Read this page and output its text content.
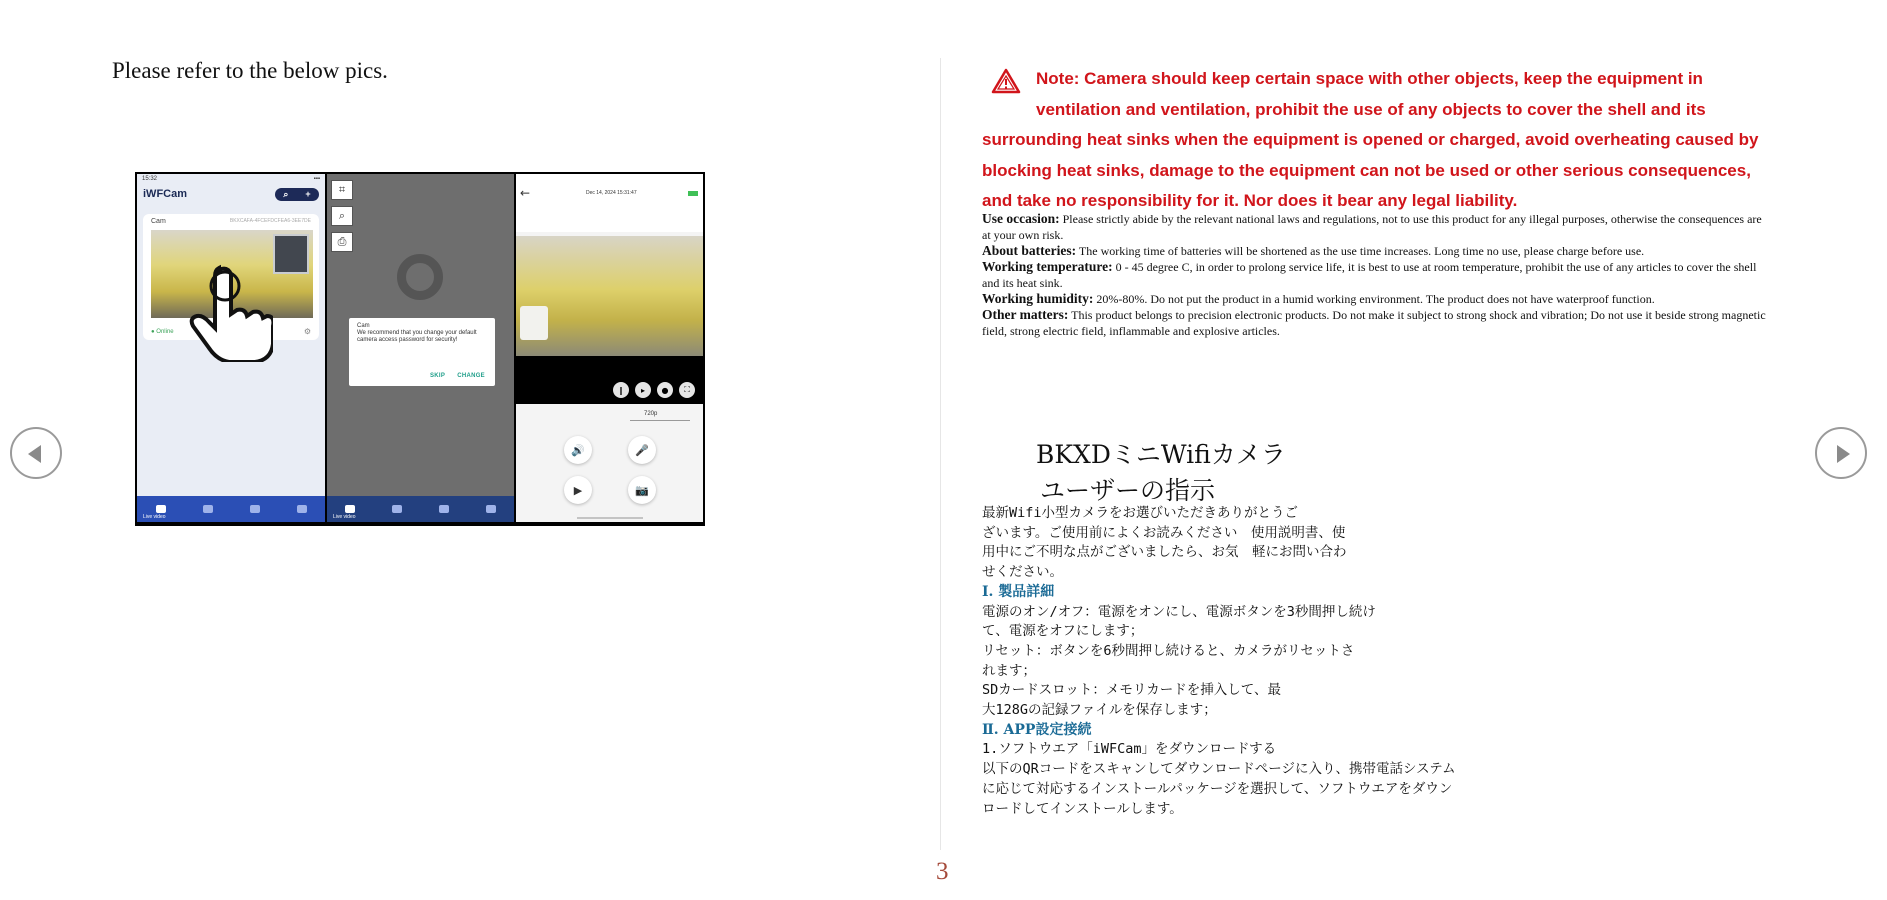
Please refer to the below pics.
15:32	▪▪▪
iWFCam	⌕ +
Cam	BKXCAFA-4FCEFDCFEA6-3EE7DE
● Online	⚙
Live video
⌗
⌕
⎙
Cam
We recommend that you change your default camera access password for security!
SKIP CHANGE
Live video
←	Dec 14, 2024 15:31:47
‖	▸	●	⛶
720p
🔊	🎤
▶	📷
Note: Camera should keep certain space with other objects, keep the equipment in
ventilation and ventilation, prohibit the use of any objects to cover the shell and its
surrounding heat sinks when the equipment is opened or charged, avoid overheating caused by
blocking heat sinks, damage to the equipment can not be used or other serious consequences,
and take no responsibility for it. Nor does it bear any legal liability.

Use occasion: Please strictly abide by the relevant national laws and regulations, not to use this product for any illegal purposes, otherwise the consequences are at your own risk.

About batteries: The working time of batteries will be shortened as the use time increases. Long time no use, please charge before use.

Working temperature: 0 - 45 degree C, in order to prolong service life, it is best to use at room temperature, prohibit the use of any articles to cover the shell and its heat sink.

Working humidity: 20%-80%. Do not put the product in a humid working environment. The product does not have waterproof function.

Other matters: This product belongs to precision electronic products. Do not make it subject to strong shock and vibration; Do not use it beside strong magnetic field, strong electric field, inflammable and explosive articles.

BKXDミニWifiカメラ
ユーザーの指示
最新Wifi小型カメラをお選びいただきありがとうご
ざいます。ご使用前によくお読みください　使用説明書、使
用中にご不明な点がございましたら、お気　軽にお問い合わ
せください。
Ⅰ. 製品詳細
電源のオン/オフ：電源をオンにし、電源ボタンを3秒間押し続け
て、電源をオフにします；
リセット：ボタンを6秒間押し続けると、カメラがリセットさ
れます；
SDカードスロット：メモリカードを挿入して、最
大128Gの記録ファイルを保存します；
Ⅱ. APP設定接続
1.ソフトウエア「iWFCam」をダウンロードする
以下のQRコードをスキャンしてダウンロードページに入り、携帯電話システム
に応じて対応するインストールパッケージを選択して、ソフトウエアをダウン
ロードしてインストールします。
3
